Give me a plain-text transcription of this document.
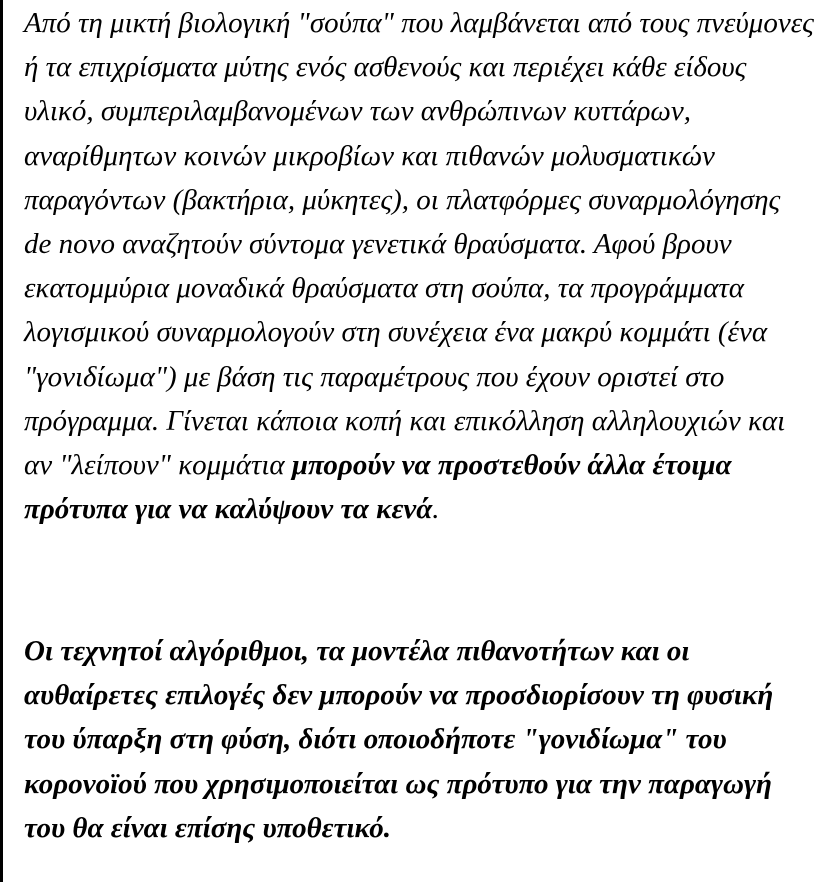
Από τη μικτή βιολογική "σούπα" που λαμβάνεται από τους πνεύμονες ή τα επιχρίσματα μύτης ενός ασθενούς και περιέχει κάθε είδους υλικό, συμπεριλαμβανομένων των ανθρώπινων κυττάρων, αναρίθμητων κοινών μικροβίων και πιθανών μολυσματικών παραγόντων (βακτήρια, μύκητες), οι πλατφόρμες συναρμολόγησης de novo αναζητούν σύντομα γενετικά θραύσματα. Αφού βρουν εκατομμύρια μοναδικά θραύσματα στη σούπα, τα προγράμματα λογισμικού συναρμολογούν στη συνέχεια ένα μακρύ κομμάτι (ένα "γονιδίωμα") με βάση τις παραμέτρους που έχουν οριστεί στο πρόγραμμα. Γίνεται κάποια κοπή και επικόλληση αλληλουχιών και αν "λείπουν" κομμάτια μπορούν να προστεθούν άλλα έτοιμα πρότυπα για να καλύψουν τα κενά.

Οι τεχνητοί αλγόριθμοι, τα μοντέλα πιθανοτήτων και οι αυθαίρετες επιλογές δεν μπορούν να προσδιορίσουν τη φυσική του ύπαρξη στη φύση, διότι οποιοδήποτε "γονιδίωμα" του κορονοϊού που χρησιμοποιείται ως πρότυπο για την παραγωγή του θα είναι επίσης υποθετικό.
